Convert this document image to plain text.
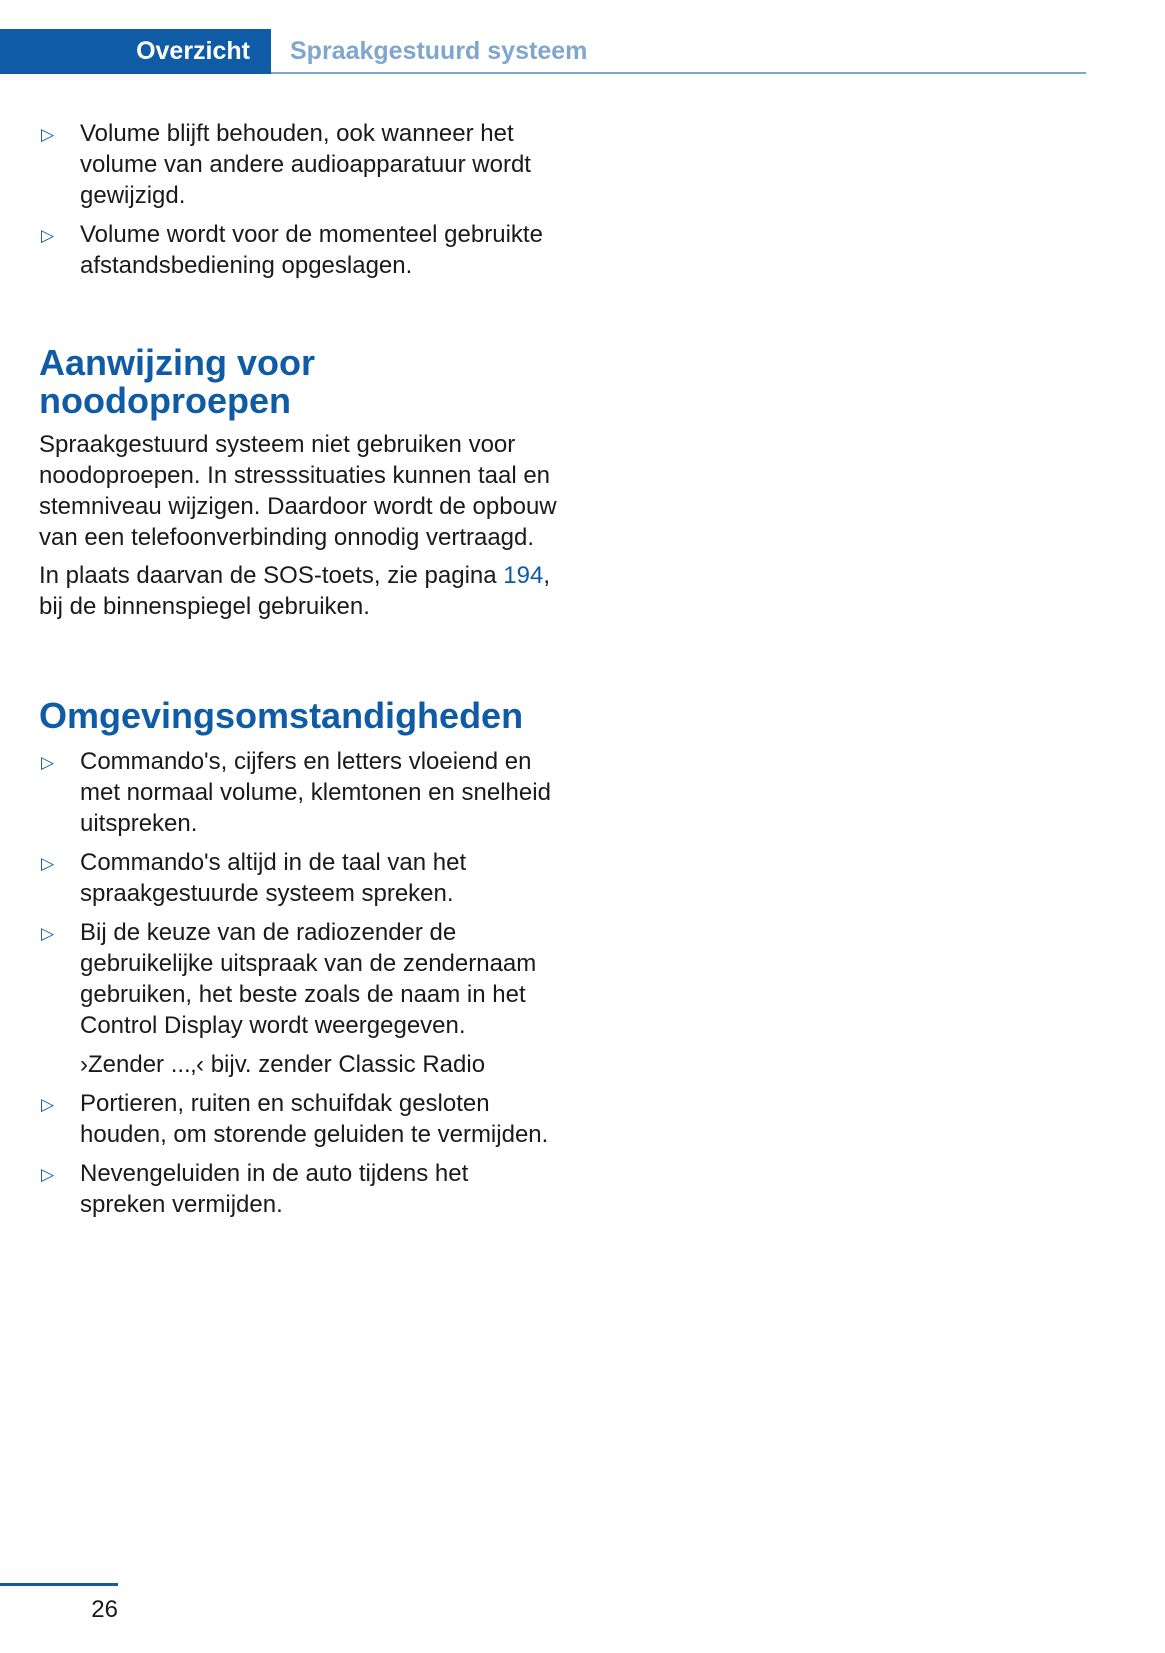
Overzicht	Spraakgestuurd systeem
▷ Volume blijft behouden, ook wanneer het volume van andere audioapparatuur wordt gewijzigd.
▷ Volume wordt voor de momenteel gebruikte afstandsbediening opgeslagen.
Aanwijzing voor
noodoproepen

Spraakgestuurd systeem niet gebruiken voor noodoproepen. In stresssituaties kunnen taal en stemniveau wijzigen. Daardoor wordt de opbouw van een telefoonverbinding onnodig vertraagd.

In plaats daarvan de SOS-toets, zie pagina 194, bij de binnenspiegel gebruiken.

Omgevingsomstandigheden
▷ Commando's, cijfers en letters vloeiend en met normaal volume, klemtonen en snelheid uitspreken.
▷ Commando's altijd in de taal van het spraakgestuurde systeem spreken.
▷ Bij de keuze van de radiozender de gebruikelijke uitspraak van de zendernaam gebruiken, het beste zoals de naam in het Control Display wordt weergegeven.
›Zender ...‚‹ bijv. zender Classic Radio
▷ Portieren, ruiten en schuifdak gesloten houden, om storende geluiden te vermijden.
▷ Nevengeluiden in de auto tijdens het spreken vermijden.
26
